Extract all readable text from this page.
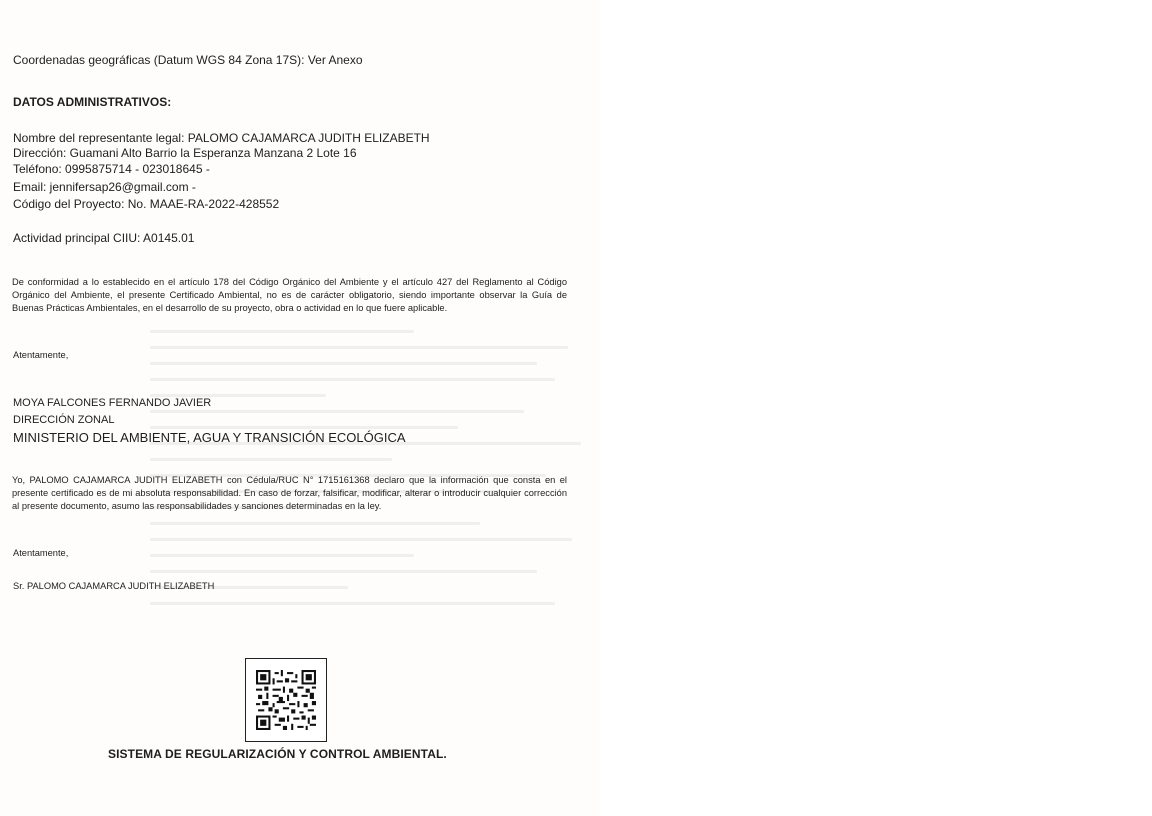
Coordenadas geográficas (Datum WGS 84 Zona 17S): Ver Anexo
DATOS ADMINISTRATIVOS:
Nombre del representante legal: PALOMO CAJAMARCA JUDITH ELIZABETH
Dirección: Guamani Alto Barrio la Esperanza Manzana 2 Lote 16
Teléfono: 0995875714 - 023018645 -
Email: jennifersap26@gmail.com -
Código del Proyecto: No. MAAE-RA-2022-428552
Actividad principal CIIU: A0145.01
De conformidad a lo establecido en el artículo 178 del Código Orgánico del Ambiente y el artículo 427 del Reglamento al Código Orgánico del Ambiente, el presente Certificado Ambiental, no es de carácter obligatorio, siendo importante observar la Guía de Buenas Prácticas Ambientales, en el desarrollo de su proyecto, obra o actividad en lo que fuere aplicable.
Atentamente,
MOYA FALCONES FERNANDO JAVIER
DIRECCIÓN ZONAL
MINISTERIO DEL AMBIENTE, AGUA Y TRANSICIÓN ECOLÓGICA
Yo, PALOMO CAJAMARCA JUDITH ELIZABETH con Cédula/RUC N° 1715161368 declaro que la información que consta en el presente certificado es de mi absoluta responsabilidad. En caso de forzar, falsificar, modificar, alterar o introducir cualquier corrección al presente documento, asumo las responsabilidades y sanciones determinadas en la ley.
Atentamente,
Sr. PALOMO CAJAMARCA JUDITH ELIZABETH
SISTEMA DE REGULARIZACIÓN Y CONTROL AMBIENTAL.
